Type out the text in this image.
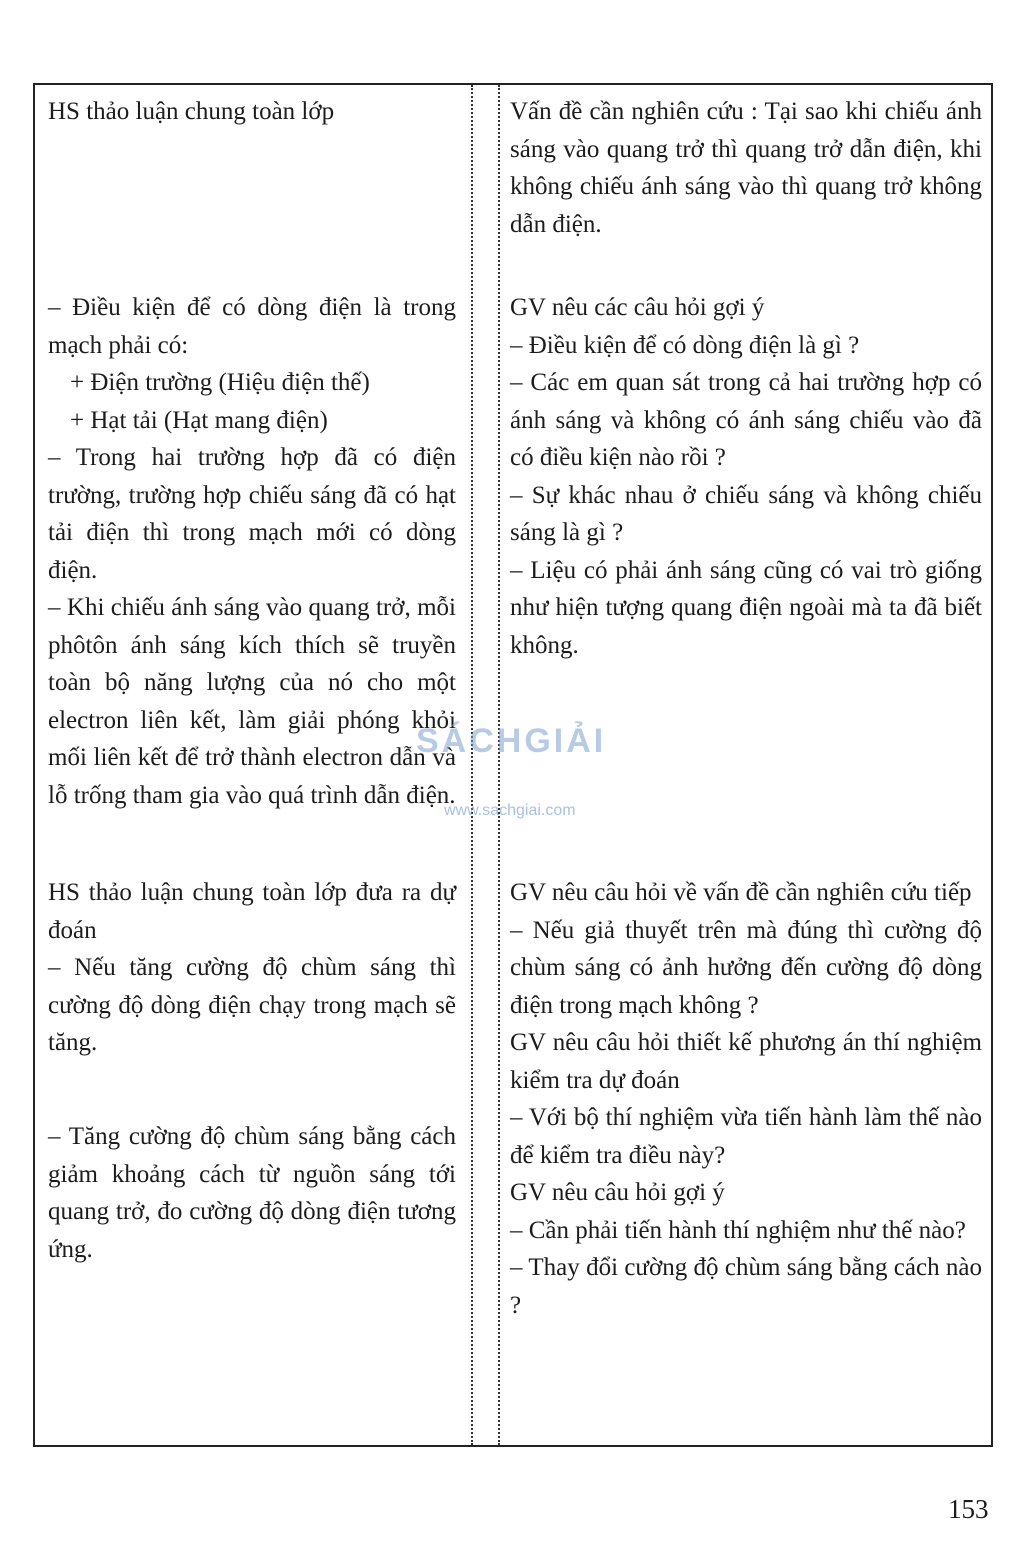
HS thảo luận chung toàn lớp

– Điều kiện để có dòng điện là trong mạch phải có:

+ Điện trường (Hiệu điện thế)

+ Hạt tải (Hạt mang điện)

– Trong hai trường hợp đã có điện trường, trường hợp chiếu sáng đã có hạt tải điện thì trong mạch mới có dòng điện.

– Khi chiếu ánh sáng vào quang trở, mỗi phôtôn ánh sáng kích thích sẽ truyền toàn bộ năng lượng của nó cho một electron liên kết, làm giải phóng khỏi mối liên kết để trở thành electron dẫn và lỗ trống tham gia vào quá trình dẫn điện.

HS thảo luận chung toàn lớp đưa ra dự đoán

– Nếu tăng cường độ chùm sáng thì cường độ dòng điện chạy trong mạch sẽ tăng.

– Tăng cường độ chùm sáng bằng cách giảm khoảng cách từ nguồn sáng tới quang trở, đo cường độ dòng điện tương ứng.

Vấn đề cần nghiên cứu : Tại sao khi chiếu ánh sáng vào quang trở thì quang trở dẫn điện, khi không chiếu ánh sáng vào thì quang trở không dẫn điện.

GV nêu các câu hỏi gợi ý

– Điều kiện để có dòng điện là gì ?

– Các em quan sát trong cả hai trường hợp có ánh sáng và không có ánh sáng chiếu vào đã có điều kiện nào rồi ?

– Sự khác nhau ở chiếu sáng và không chiếu sáng là gì ?

– Liệu có phải ánh sáng cũng có vai trò giống như hiện tượng quang điện ngoài mà ta đã biết không.

GV nêu câu hỏi về vấn đề cần nghiên cứu tiếp

– Nếu giả thuyết trên mà đúng thì cường độ chùm sáng có ảnh hưởng đến cường độ dòng điện trong mạch không ?

GV nêu câu hỏi thiết kế phương án thí nghiệm kiểm tra dự đoán

– Với bộ thí nghiệm vừa tiến hành làm thế nào để kiểm tra điều này?

GV nêu câu hỏi gợi ý

– Cần phải tiến hành thí nghiệm như thế nào?

– Thay đổi cường độ chùm sáng bằng cách nào ?

SÁCHGIẢI
www.sachgiai.com
153
